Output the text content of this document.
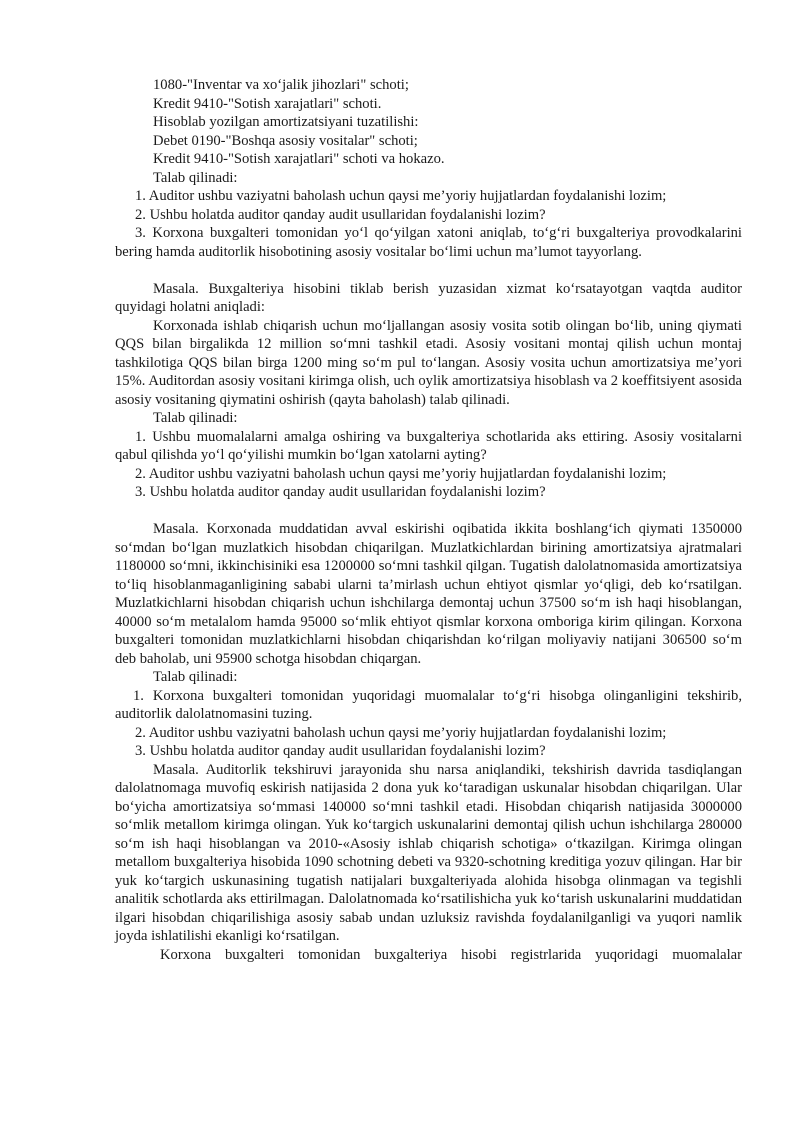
1080-"Inventar va xo‘jalik jihozlari" schoti;

Kredit 9410-"Sotish xarajatlari" schoti.

Hisoblab yozilgan amortizatsiyani tuzatilishi:

Debet 0190-"Boshqa asosiy vositalar" schoti;

Kredit 9410-"Sotish xarajatlari" schoti va hokazo.

Talab qilinadi:

1. Auditor ushbu vaziyatni baholash uchun qaysi me’yoriy hujjatlardan foydalanishi lozim;

2. Ushbu holatda auditor qanday audit usullaridan foydalanishi lozim?

3. Korxona buxgalteri tomonidan yo‘l qo‘yilgan xatoni aniqlab, to‘g‘ri buxgalteriya provodkalarini bering hamda auditorlik hisobotining asosiy vositalar bo‘limi uchun ma’lumot tayyorlang.

Masala. Buxgalteriya hisobini tiklab berish yuzasidan xizmat ko‘rsatayotgan vaqtda auditor quyidagi holatni aniqladi:

Korxonada ishlab chiqarish uchun mo‘ljallangan asosiy vosita sotib olingan bo‘lib, uning qiymati QQS bilan birgalikda 12 million so‘mni tashkil etadi. Asosiy vositani montaj qilish uchun montaj tashkilotiga QQS bilan birga 1200 ming so‘m pul to‘langan. Asosiy vosita uchun amortizatsiya me’yori 15%. Auditordan asosiy vositani kirimga olish, uch oylik amortizatsiya hisoblash va 2 koeffitsiyent asosida asosiy vositaning qiymatini oshirish (qayta baholash) talab qilinadi.

Talab qilinadi:

1. Ushbu muomalalarni amalga oshiring va buxgalteriya schotlarida aks ettiring. Asosiy vositalarni qabul qilishda yo‘l qo‘yilishi mumkin bo‘lgan xatolarni ayting?

2. Auditor ushbu vaziyatni baholash uchun qaysi me’yoriy hujjatlardan foydalanishi lozim;

3. Ushbu holatda auditor qanday audit usullaridan foydalanishi lozim?

Masala. Korxonada muddatidan avval eskirishi oqibatida ikkita boshlang‘ich qiymati 1350000 so‘mdan bo‘lgan muzlatkich hisobdan chiqarilgan. Muzlatkichlardan birining amortizatsiya ajratmalari 1180000 so‘mni, ikkinchisiniki esa 1200000 so‘mni tashkil qilgan. Tugatish dalolatnomasida amortizatsiya to‘liq hisoblanmaganligining sababi ularni ta’mirlash uchun ehtiyot qismlar yo‘qligi, deb ko‘rsatilgan. Muzlatkichlarni hisobdan chiqarish uchun ishchilarga demontaj uchun 37500 so‘m ish haqi hisoblangan, 40000 so‘m metalalom hamda 95000 so‘mlik ehtiyot qismlar korxona omboriga kirim qilingan. Korxona buxgalteri tomonidan muzlatkichlarni hisobdan chiqarishdan ko‘rilgan moliyaviy natijani 306500 so‘m deb baholab, uni 95900 schotga hisobdan chiqargan.

Talab qilinadi:

1. Korxona buxgalteri tomonidan yuqoridagi muomalalar to‘g‘ri hisobga olinganligini tekshirib, auditorlik dalolatnomasini tuzing.

2. Auditor ushbu vaziyatni baholash uchun qaysi me’yoriy hujjatlardan foydalanishi lozim;

3. Ushbu holatda auditor qanday audit usullaridan foydalanishi lozim?

Masala. Auditorlik tekshiruvi jarayonida shu narsa aniqlandiki, tekshirish davrida tasdiqlangan dalolatnomaga muvofiq eskirish natijasida 2 dona yuk ko‘taradigan uskunalar hisobdan chiqarilgan. Ular bo‘yicha amortizatsiya so‘mmasi 140000 so‘mni tashkil etadi. Hisobdan chiqarish natijasida 3000000 so‘mlik metallom kirimga olingan. Yuk ko‘targich uskunalarini demontaj qilish uchun ishchilarga 280000 so‘m ish haqi hisoblangan va 2010-«Asosiy ishlab chiqarish schotiga» o‘tkazilgan. Kirimga olingan metallom buxgalteriya hisobida 1090 schotning debeti va 9320-schotning kreditiga yozuv qilingan. Har bir yuk ko‘targich uskunasining tugatish natijalari buxgalteriyada alohida hisobga olinmagan va tegishli analitik schotlarda aks ettirilmagan. Dalolatnomada ko‘rsatilishicha yuk ko‘tarish uskunalarini muddatidan ilgari hisobdan chiqarilishiga asosiy sabab undan uzluksiz ravishda foydalanilganligi va yuqori namlik joyda ishlatilishi ekanligi ko‘rsatilgan.

Korxona buxgalteri tomonidan buxgalteriya hisobi registrlarida yuqoridagi muomalalar
